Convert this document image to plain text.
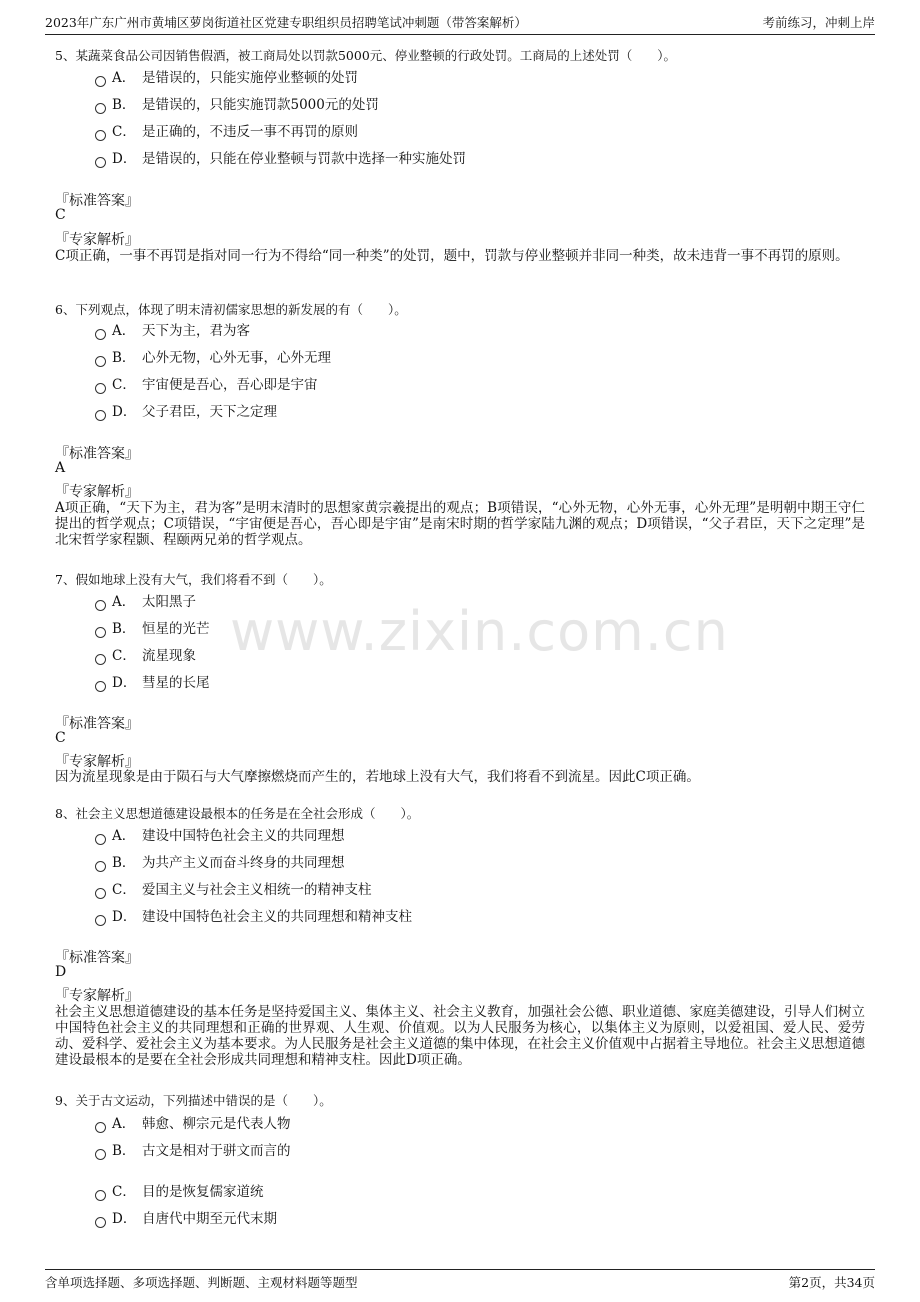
2023年广东广州市黄埔区萝岗街道社区党建专职组织员招聘笔试冲刺题（带答案解析）	考前练习，冲刺上岸
www.zixin.com.cn
5、某蔬菜食品公司因销售假酒，被工商局处以罚款5000元、停业整顿的行政处罚。工商局的上述处罚（　　）。
A． 是错误的，只能实施停业整顿的处罚
B． 是错误的，只能实施罚款5000元的处罚
C． 是正确的，不违反一事不再罚的原则
D． 是错误的，只能在停业整顿与罚款中选择一种实施处罚
『标准答案』
C
『专家解析』
C项正确，一事不再罚是指对同一行为不得给“同一种类”的处罚，题中，罚款与停业整顿并非同一种类，故未违背一事不再罚的原则。
6、下列观点，体现了明末清初儒家思想的新发展的有（　　）。
A． 天下为主，君为客
B． 心外无物，心外无事，心外无理
C． 宇宙便是吾心，吾心即是宇宙
D． 父子君臣，天下之定理
『标准答案』
A
『专家解析』
A项正确，“天下为主，君为客”是明末清时的思想家黄宗羲提出的观点；B项错误，“心外无物，心外无事，心外无理”是明朝中期王守仁提出的哲学观点；C项错误，“宇宙便是吾心，吾心即是宇宙”是南宋时期的哲学家陆九渊的观点；D项错误，“父子君臣，天下之定理”是北宋哲学家程颢、程颐两兄弟的哲学观点。
7、假如地球上没有大气，我们将看不到（　　）。
A． 太阳黑子
B． 恒星的光芒
C． 流星现象
D． 彗星的长尾
『标准答案』
C
『专家解析』
因为流星现象是由于陨石与大气摩擦燃烧而产生的，若地球上没有大气，我们将看不到流星。因此C项正确。
8、社会主义思想道德建设最根本的任务是在全社会形成（　　）。
A． 建设中国特色社会主义的共同理想
B． 为共产主义而奋斗终身的共同理想
C． 爱国主义与社会主义相统一的精神支柱
D． 建设中国特色社会主义的共同理想和精神支柱
『标准答案』
D
『专家解析』
社会主义思想道德建设的基本任务是坚持爱国主义、集体主义、社会主义教育，加强社会公德、职业道德、家庭美德建设，引导人们树立中国特色社会主义的共同理想和正确的世界观、人生观、价值观。以为人民服务为核心，以集体主义为原则，以爱祖国、爱人民、爱劳动、爱科学、爱社会主义为基本要求。为人民服务是社会主义道德的集中体现，在社会主义价值观中占据着主导地位。社会主义思想道德建设最根本的是要在全社会形成共同理想和精神支柱。因此D项正确。
9、关于古文运动，下列描述中错误的是（　　）。
A． 韩愈、柳宗元是代表人物
B． 古文是相对于骈文而言的
C． 目的是恢复儒家道统
D． 自唐代中期至元代末期
含单项选择题、多项选择题、判断题、主观材料题等题型	第2页，共34页
